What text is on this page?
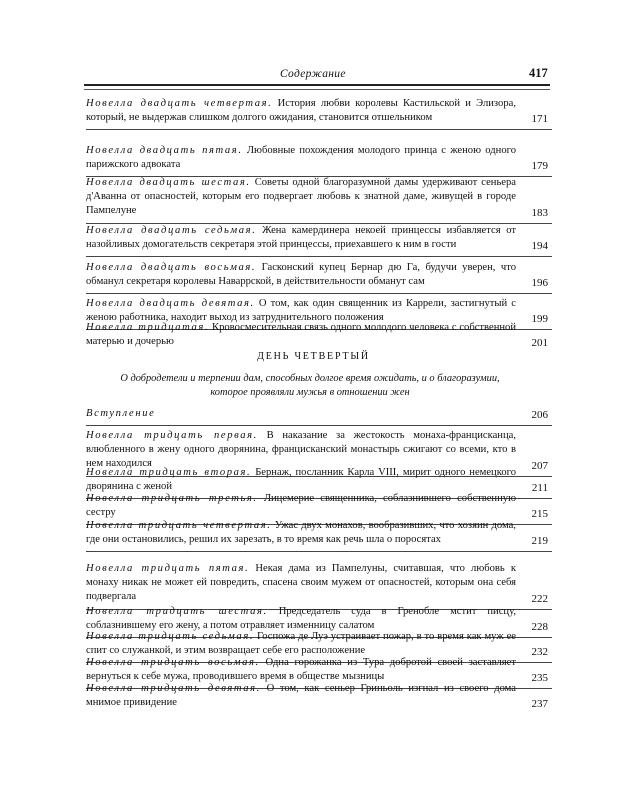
Содержание	417
Новелла двадцать четвертая. История любви королевы Кастильской и Элизора, который, не выдержав слишком долгого ожидания, становится отшельником	171
Новелла двадцать пятая. Любовные похождения молодого принца с женою одного парижского адвоката	179
Новелла двадцать шестая. Советы одной благоразумной дамы удерживают сеньера д'Аванна от опасностей, которым его подвергает любовь к знатной даме, живущей в городе Пампелуне	183
Новелла двадцать седьмая. Жена камердинера некоей принцессы избавляется от назойливых домогательств секретаря этой принцессы, приехавшего к ним в гости	194
Новелла двадцать восьмая. Гасконский купец Бернар дю Га, будучи уверен, что обманул секретаря королевы Наваррской, в действительности обманут сам	196
Новелла двадцать девятая. О том, как один священник из Каррели, застигнутый с женою работника, находит выход из затруднительного положения	199
Новелла тридцатая. Кровосмесительная связь одного молодого человека с собственной матерью и дочерью	201
ДЕНЬ ЧЕТВЕРТЫЙ
О добродетели и терпении дам, способных долгое время ожидать, и о благоразумии, которое проявляли мужья в отношении жен
Вступление	206
Новелла тридцать первая. В наказание за жестокость монаха-францисканца, влюбленного в жену одного дворянина, францисканский монастырь сжигают со всеми, кто в нем находился	207
Новелла тридцать вторая. Бернаж, посланник Карла VIII, мирит одного немецкого дворянина с женой	211
Новелла тридцать третья. Лицемерие священника, соблазнившего собственную сестру	215
Новелла тридцать четвертая. Ужас двух монахов, вообразивших, что хозяин дома, где они остановились, решил их зарезать, в то время как речь шла о поросятах	219
Новелла тридцать пятая. Некая дама из Пампелуны, считавшая, что любовь к монаху никак не может ей повредить, спасена своим мужем от опасностей, которым она себя подвергала	222
Новелла тридцать шестая. Председатель суда в Гренобле мстит писцу, соблазнившему его жену, а потом отравляет изменницу салатом	228
Новелла тридцать седьмая. Госпожа де Луэ устраивает пожар, в то время как муж ее спит со служанкой, и этим возвращает себе его расположение	232
Новелла тридцать восьмая. Одна горожанка из Тура добротой своей заставляет вернуться к себе мужа, проводившего время в обществе мызницы	235
Новелла тридцать девятая. О том, как сеньер Гриньоль изгнал из своего дома мнимое привидение	237
